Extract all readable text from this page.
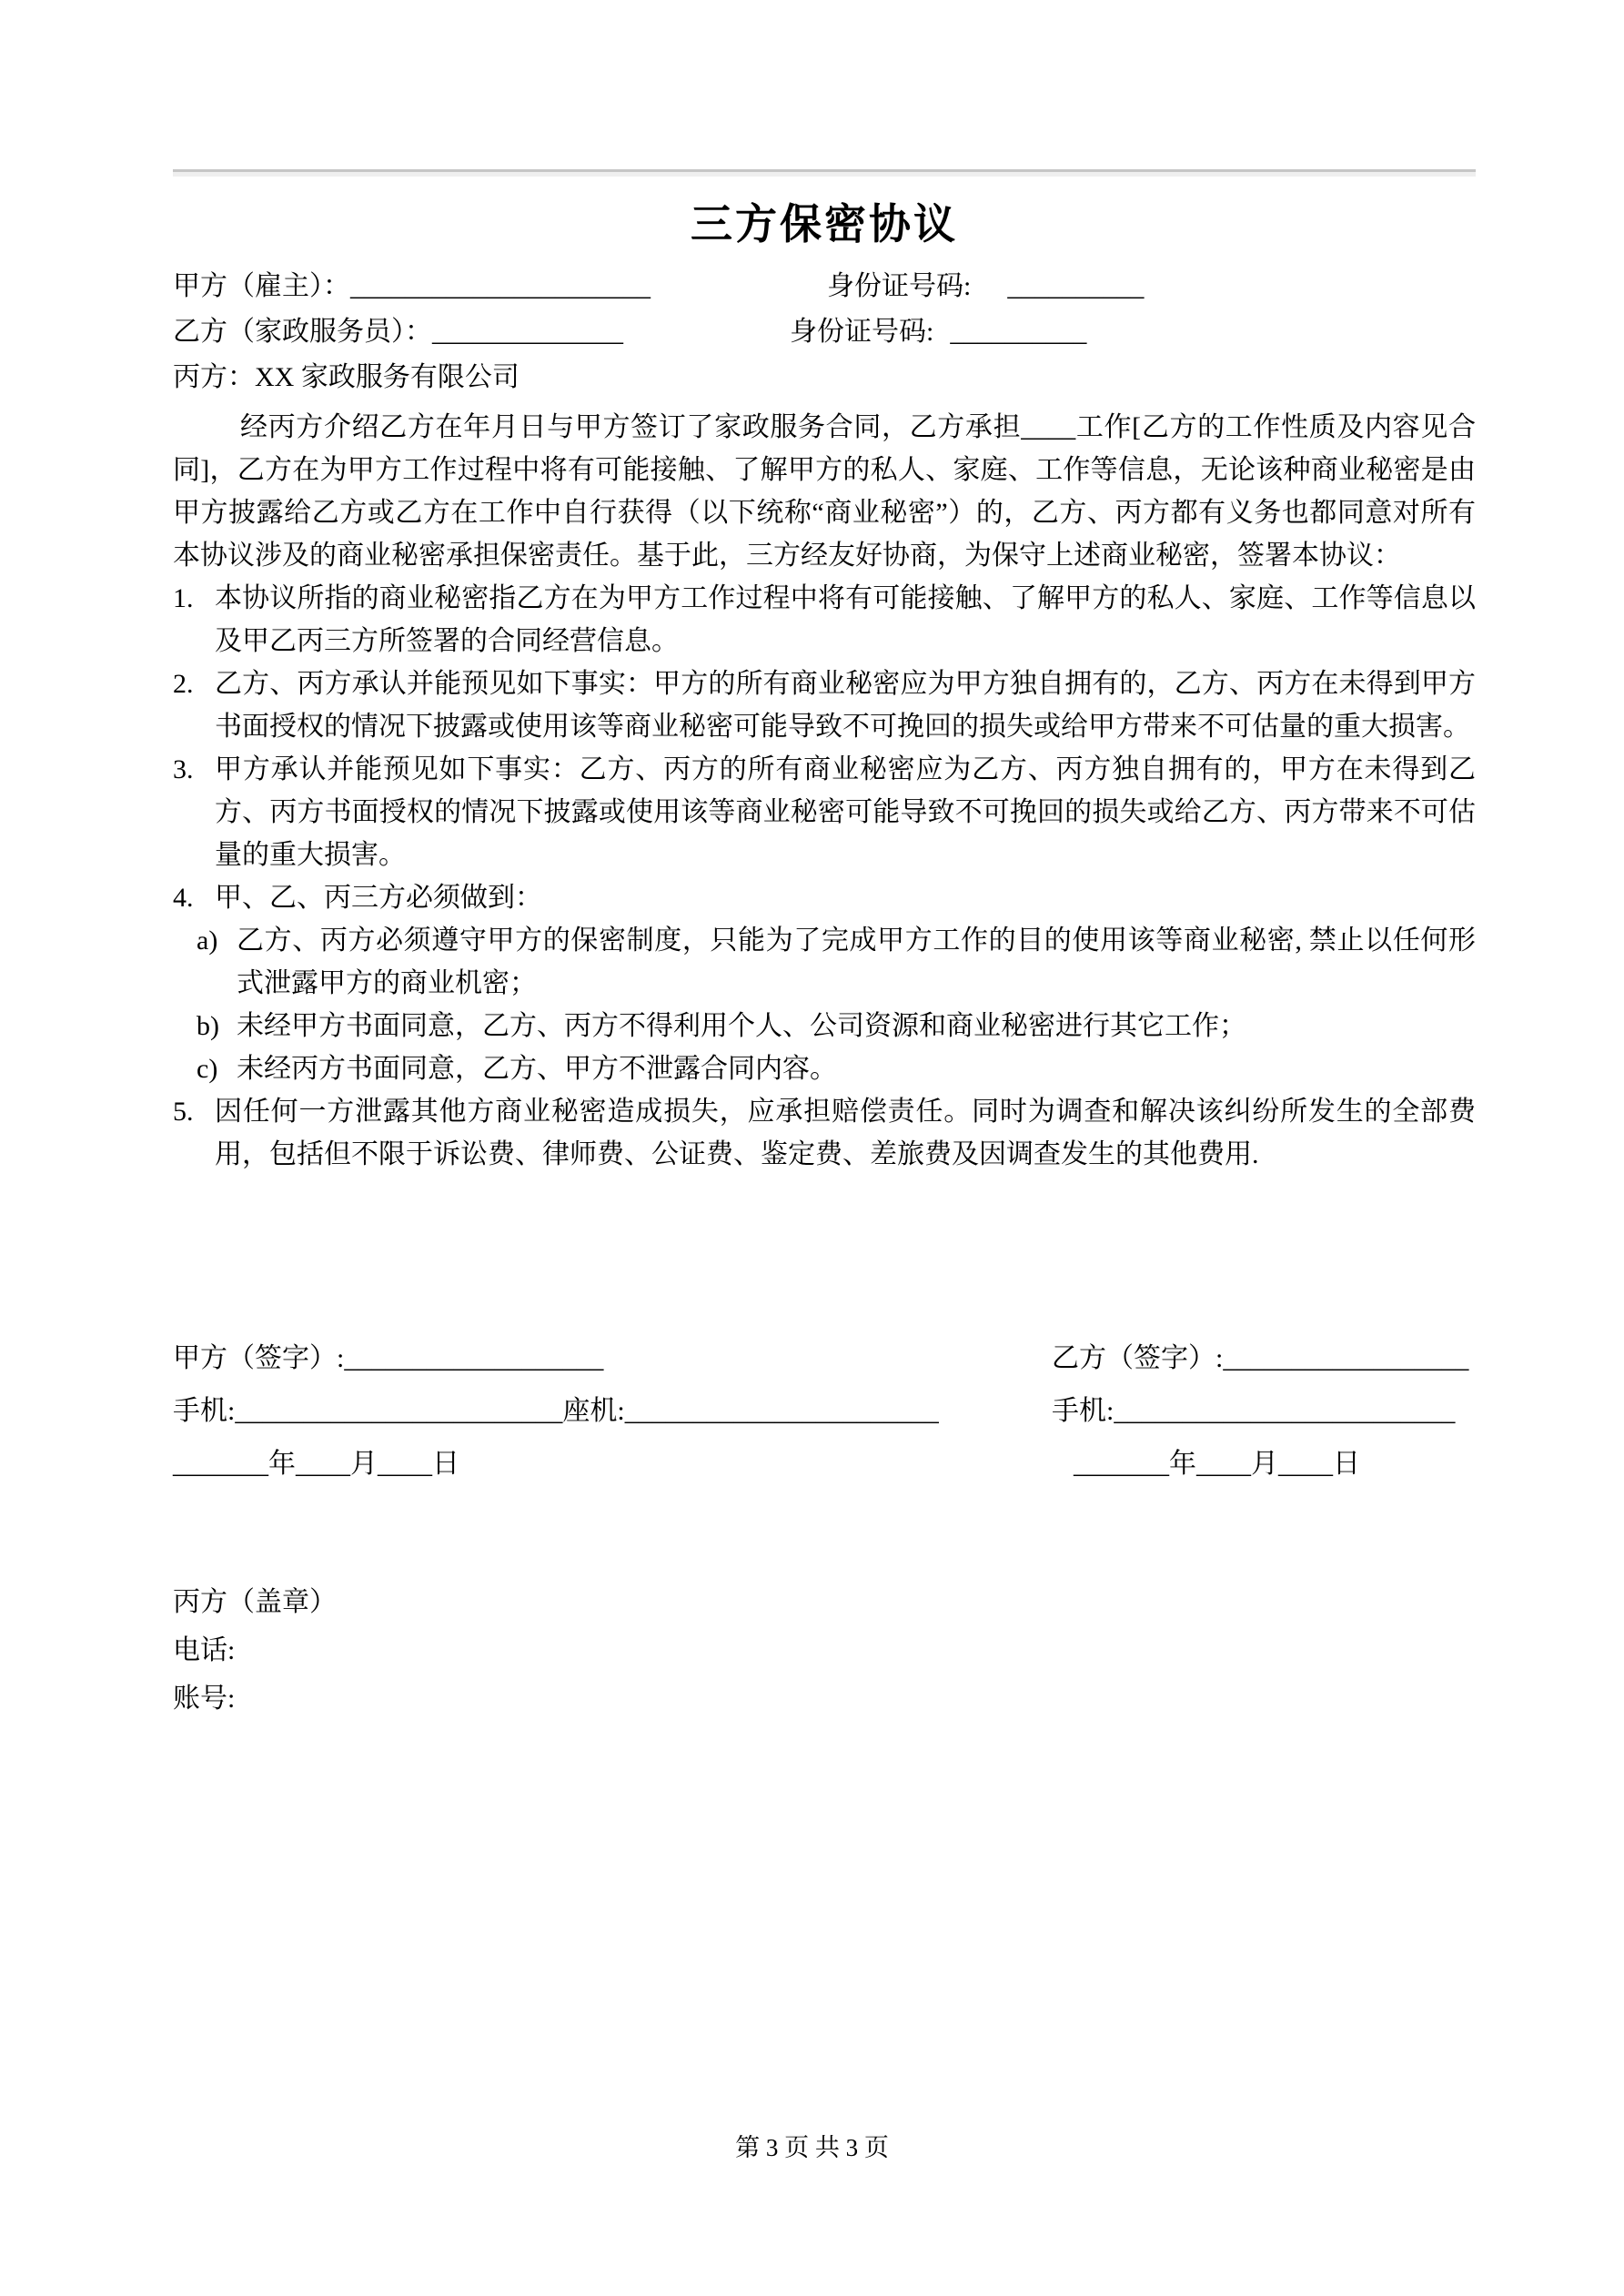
三方保密协议
甲方（雇主）：______________________	身份证号码: __________
乙方（家政服务员）：______________	身份证号码: __________
丙方：XX 家政服务有限公司

经丙方介绍乙方在年月日与甲方签订了家政服务合同，乙方承担____工作[乙方的工作性质及内容见合同]，乙方在为甲方工作过程中将有可能接触、了解甲方的私人、家庭、工作等信息，无论该种商业秘密是由甲方披露给乙方或乙方在工作中自行获得（以下统称“商业秘密”）的，乙方、丙方都有义务也都同意对所有本协议涉及的商业秘密承担保密责任。基于此，三方经友好协商，为保守上述商业秘密，签署本协议：

1. 本协议所指的商业秘密指乙方在为甲方工作过程中将有可能接触、了解甲方的私人、家庭、工作等信息以及甲乙丙三方所签署的合同经营信息。
2. 乙方、丙方承认并能预见如下事实：甲方的所有商业秘密应为甲方独自拥有的，乙方、丙方在未得到甲方书面授权的情况下披露或使用该等商业秘密可能导致不可挽回的损失或给甲方带来不可估量的重大损害。
3. 甲方承认并能预见如下事实：乙方、丙方的所有商业秘密应为乙方、丙方独自拥有的，甲方在未得到乙方、丙方书面授权的情况下披露或使用该等商业秘密可能导致不可挽回的损失或给乙方、丙方带来不可估量的重大损害。
4. 甲、乙、丙三方必须做到：
a) 乙方、丙方必须遵守甲方的保密制度，只能为了完成甲方工作的目的使用该等商业秘密, 禁止以任何形式泄露甲方的商业机密；
b) 未经甲方书面同意，乙方、丙方不得利用个人、公司资源和商业秘密进行其它工作；
c) 未经丙方书面同意，乙方、甲方不泄露合同内容。
5. 因任何一方泄露其他方商业秘密造成损失，应承担赔偿责任。同时为调查和解决该纠纷所发生的全部费用，包括但不限于诉讼费、律师费、公证费、鉴定费、差旅费及因调查发生的其他费用.
甲方（签字）:___________________
手机:________________________座机:_______________________
_______年____月____日
乙方（签字）:__________________
手机:_________________________
_______年____月____日
丙方（盖章）
电话:
账号:
第 3 页 共 3 页
